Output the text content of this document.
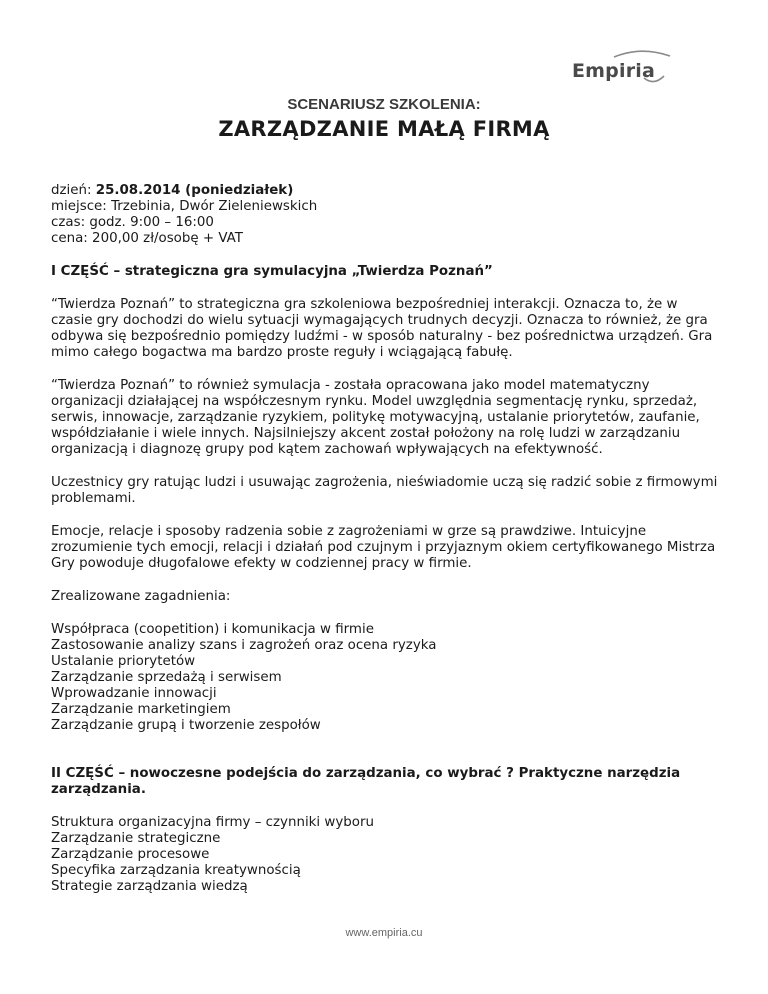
Empiria
SCENARIUSZ SZKOLENIA:
ZARZĄDZANIE MAŁĄ FIRMĄ

dzień: 25.08.2014 (poniedziałek)

miejsce: Trzebinia, Dwór Zieleniewskich

czas: godz. 9:00 – 16:00

cena: 200,00 zł/osobę + VAT

I CZĘŚĆ – strategiczna gra symulacyjna „Twierdza Poznań”

“Twierdza Poznań” to strategiczna gra szkoleniowa bezpośredniej interakcji. Oznacza to, że w czasie gry dochodzi do wielu sytuacji wymagających trudnych decyzji. Oznacza to również, że gra odbywa się bezpośrednio pomiędzy ludźmi - w sposób naturalny - bez pośrednictwa urządzeń. Gra mimo całego bogactwa ma bardzo proste reguły i wciągającą fabułę.

“Twierdza Poznań” to również symulacja - została opracowana jako model matematyczny organizacji działającej na współczesnym rynku. Model uwzględnia segmentację rynku, sprzedaż, serwis, innowacje, zarządzanie ryzykiem, politykę motywacyjną, ustalanie priorytetów, zaufanie, współdziałanie i wiele innych. Najsilniejszy akcent został położony na rolę ludzi w zarządzaniu organizacją i diagnozę grupy pod kątem zachowań wpływających na efektywność.

Uczestnicy gry ratując ludzi i usuwając zagrożenia, nieświadomie uczą się radzić sobie z firmowymi problemami.

Emocje, relacje i sposoby radzenia sobie z zagrożeniami w grze są prawdziwe. Intuicyjne zrozumienie tych emocji, relacji i działań pod czujnym i przyjaznym okiem certyfikowanego Mistrza Gry powoduje długofalowe efekty w codziennej pracy w firmie.

Zrealizowane zagadnienia:

Współpraca (coopetition) i komunikacja w firmie
Zastosowanie analizy szans i zagrożeń oraz ocena ryzyka
Ustalanie priorytetów
Zarządzanie sprzedażą i serwisem
Wprowadzanie innowacji
Zarządzanie marketingiem
Zarządzanie grupą i tworzenie zespołów

II CZĘŚĆ – nowoczesne podejścia do zarządzania, co wybrać ? Praktyczne narzędzia zarządzania.

Struktura organizacyjna firmy – czynniki wyboru
Zarządzanie strategiczne
Zarządzanie procesowe
Specyfika zarządzania kreatywnością
Strategie zarządzania wiedzą
www.empiria.cu
